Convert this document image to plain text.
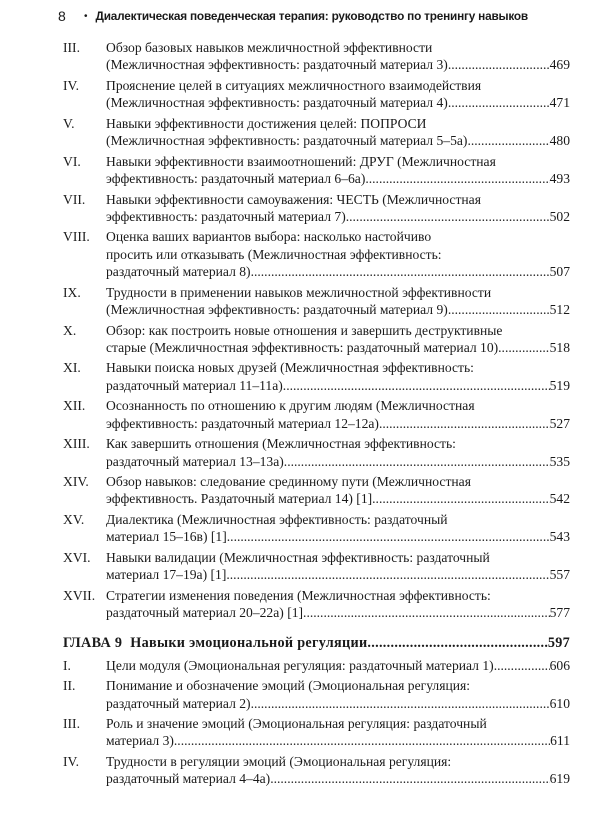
8	• Диалектическая поведенческая терапия: руководство по тренингу навыков
III.	Обзор базовых навыков межличностной эффективности
(Межличностная эффективность: раздаточный материал 3) .....	469
IV.	Прояснение целей в ситуациях межличностного взаимодействия
(Межличностная эффективность: раздаточный материал 4) .....	471
V.	Навыки эффективности достижения целей: ПОПРОСИ
(Межличностная эффективность: раздаточный материал 5–5а) .....	480
VI.	Навыки эффективности взаимоотношений: ДРУГ (Межличностная
эффективность: раздаточный материал 6–6а) .....	493
VII.	Навыки эффективности самоуважения: ЧЕСТЬ (Межличностная
эффективность: раздаточный материал 7) .....	502
VIII.	Оценка ваших вариантов выбора: насколько настойчиво
просить или отказывать (Межличностная эффективность:
раздаточный материал 8) .....	507
IX.	Трудности в применении навыков межличностной эффективности
(Межличностная эффективность: раздаточный материал 9) .....	512
X.	Обзор: как построить новые отношения и завершить деструктивные
старые (Межличностная эффективность: раздаточный материал 10) .....	518
XI.	Навыки поиска новых друзей (Межличностная эффективность:
раздаточный материал 11–11а) .....	519
XII.	Осознанность по отношению к другим людям (Межличностная
эффективность: раздаточный материал 12–12а) .....	527
XIII.	Как завершить отношения (Межличностная эффективность:
раздаточный материал 13–13а) .....	535
XIV.	Обзор навыков: следование срединному пути (Межличностная
эффективность. Раздаточный материал 14) [1] .....	542
XV.	Диалектика (Межличностная эффективность: раздаточный
материал 15–16в) [1] .....	543
XVI.	Навыки валидации (Межличностная эффективность: раздаточный
материал 17–19а) [1] .....	557
XVII. Стратегии изменения поведения (Межличностная эффективность:
раздаточный материал 20–22а) [1] .....	577
ГЛАВА 9 Навыки эмоциональной регуляции .....	597
I.	Цели модуля (Эмоциональная регуляция: раздаточный материал 1) .....	606
II.	Понимание и обозначение эмоций (Эмоциональная регуляция:
раздаточный материал 2) .....	610
III.	Роль и значение эмоций (Эмоциональная регуляция: раздаточный
материал 3) .....	611
IV.	Трудности в регуляции эмоций (Эмоциональная регуляция:
раздаточный материал 4–4а) .....	619
